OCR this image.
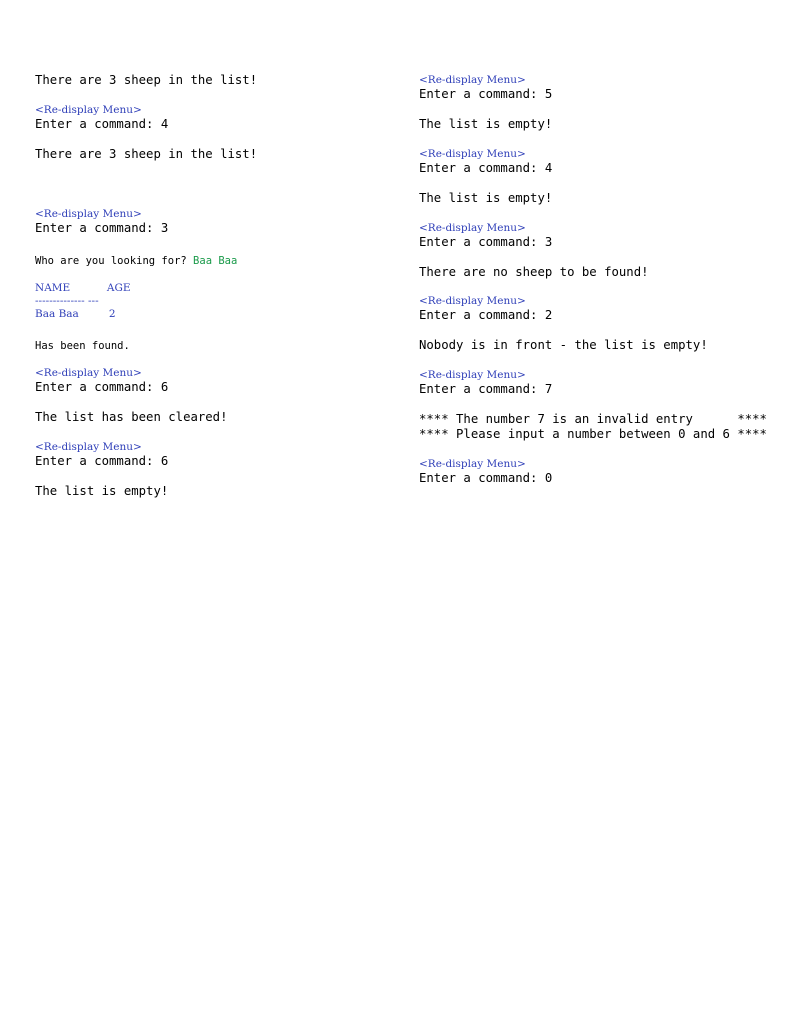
There are 3 sheep in the list!
<Re-display Menu>
Enter a command: 4
There are 3 sheep in the list!
<Re-display Menu>
Enter a command: 3
Who are you looking for? Baa Baa
NAME           AGE
-------------- ---
Baa Baa         2
Has been found.
<Re-display Menu>
Enter a command: 6
The list has been cleared!
<Re-display Menu>
Enter a command: 6
The list is empty!
<Re-display Menu>
Enter a command: 5
The list is empty!
<Re-display Menu>
Enter a command: 4
The list is empty!
<Re-display Menu>
Enter a command: 3
There are no sheep to be found!
<Re-display Menu>
Enter a command: 2
Nobody is in front - the list is empty!
<Re-display Menu>
Enter a command: 7
**** The number 7 is an invalid entry      ****
**** Please input a number between 0 and 6 ****
<Re-display Menu>
Enter a command: 0
